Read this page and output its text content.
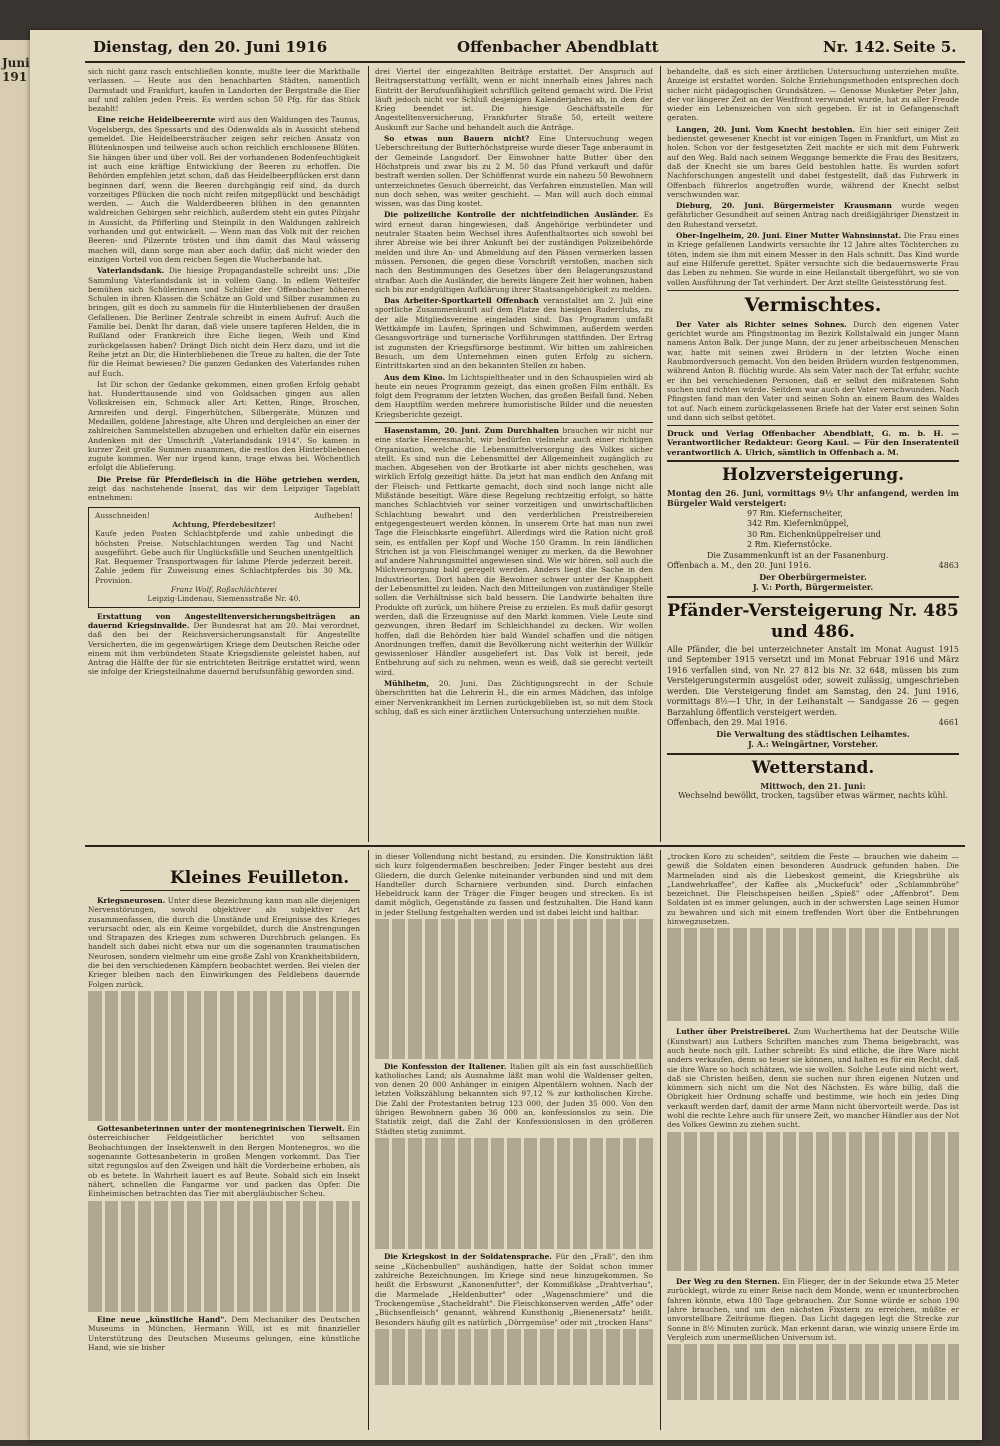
Juni 191
Dienstag, den 20. Juni 1916	Offenbacher Abendblatt	Nr. 142. Seite 5.

sich nicht ganz rasch entschließen konnte, mußte leer die Marktballe verlassen. — Heute aus den benachbarten Städten, namentlich Darmstadt und Frankfurt, kaufen in Landorten der Bergstraße die Eier auf und zahlen jeden Preis. Es werden schon 50 Pfg. für das Stück bezahlt!

Eine reiche Heidelbeerernte wird aus den Waldungen des Taunus, Vogelsbergs, des Spessarts und des Odenwalds als in Aussicht stehend gemeldet. Die Heidelbeersträucher zeigen sehr reichen Ansatz von Blütenknospen und teilweise auch schon reichlich erschlossene Blüten. Sie hängen über und über voll. Bei der vorhandenen Bodenfeuchtigkeit ist auch eine kräftige Entwicklung der Beeren zu erhoffen. Die Behörden empfehlen jetzt schon, daß das Heidelbeerpflücken erst dann beginnen darf, wenn die Beeren durchgängig reif sind, da durch vorzeitiges Pflücken die noch nicht reifen mitgepflückt und beschädigt werden. — Auch die Walderdbeeren blühen in den genannten waldreichen Gebirgen sehr reichlich, außerdem steht ein gutes Pilzjahr in Aussicht, da Pfifferling und Steinpilz in den Waldungen zahlreich vorhanden und gut entwickelt. — Wenn man das Volk mit der reichen Beeren- und Pilzernte trösten und ihm damit das Maul wässerig machen will, dann sorge man aber auch dafür, daß nicht wieder den einzigen Vorteil von dem reichen Segen die Wucherbande hat.

Vaterlandsdank. Die hiesige Propagandastelle schreibt uns: „Die Sammlung Vaterlandsdank ist in vollem Gang. In edlem Wetteifer bemühen sich Schülerinnen und Schüler der Offenbacher höheren Schulen in ihren Klassen die Schätze an Gold und Silber zusammen zu bringen, gilt es doch zu sammeln für die Hinterbliebenen der draußen Gefallenen. Die Berliner Zentrale schreibt in einem Aufruf: Auch die Familie bei. Denkt Ihr daran, daß viele unsere tapferen Helden, die in Rußland oder Frankreich ihre Eiche liegen, Weib und Kind zurückgelassen haben? Drängt Dich nicht dein Herz dazu, und ist die Reihe jetzt an Dir, die Hinterbliebenen die Treue zu halten, die der Tote für die Heimat bewiesen? Die ganzen Gedanken des Vaterlandes ruhen auf Euch.

Ist Dir schon der Gedanke gekommen, einen großen Erfolg gehabt hat. Hunderttausende sind von Goldsachen gingen aus allen Volkskreisen ein, Schmuck aller Art: Ketten, Ringe, Broschen, Armreifen und dergl. Fingerhütchen, Silbergeräte, Münzen und Medaillen, goldene Jahrestage, alte Uhren und dergleichen an einer der zahlreichen Sammelstellen abzugeben und erhielten dafür ein eisernes Andenken mit der Umschrift „Vaterlandsdank 1914". So kamen in kurzer Zeit große Summen zusammen, die restlos den Hinterbliebenen zugute kommen. Wer nur irgend kann, trage etwas bei. Wöchentlich erfolgt die Ablieferung.

Die Preise für Pferdefleisch in die Höhe getrieben werden, zeigt das nachstehende Inserat, das wir dem Leipziger Tageblatt entnehmen:

Ausschneiden!	Aufheben!
Achtung, Pferdebesitzer!
Kaufe jeden Posten Schlachtpferde und zahle unbedingt die höchsten Preise. Notschlachtungen werden Tag und Nacht ausgeführt. Gebe auch für Unglücksfälle und Seuchen unentgeltlich Rat. Bequemer Transportwagen für lahme Pferde jederzeit bereit. Zahle jedem für Zuweisung eines Schlachtpferdes bis 30 Mk. Provision.
Franz Wolf, Roßschlächterei
Leipzig-Lindenau, Siemensstraße Nr. 40.

Erstattung von Angestelltenversicherungsbeiträgen an dauernd Kriegsinvalide. Der Bundesrat hat am 20. Mai verordnet, daß den bei der Reichsversicherungsanstalt für Angestellte Versicherten, die im gegenwärtigen Kriege dem Deutschen Reiche oder einem mit ihm verbündeten Staate Kriegsdienste geleistet haben, auf Antrag die Hälfte der für sie entrichteten Beiträge erstattet wird, wenn sie infolge der Kriegsteilnahme dauernd berufsunfähig geworden sind.

drei Viertel der eingezahlten Beiträge erstattet. Der Anspruch auf Beitragserstattung verfällt, wenn er nicht innerhalb eines Jahres nach Eintritt der Berufsunfähigkeit schriftlich geltend gemacht wird. Die Frist läuft jedoch nicht vor Schluß desjenigen Kalenderjahres ab, in dem der Krieg beendet ist. Die hiesige Geschäftsstelle für Angestelltenversicherung, Frankfurter Straße 50, erteilt weitere Auskunft zur Sache und behandelt auch die Anträge.

So etwas nun Bauern nicht? Eine Untersuchung wegen Ueberschreitung der Butterhöchstpreise wurde dieser Tage anberaumt in der Gemeinde Langsdorf. Der Einwohner hatte Butter über den Höchstpreis und zwar bis zu 2 M. 50 das Pfund verkauft und dafür bestraft werden sollen. Der Schöffenrat wurde ein nahezu 50 Bewohnern unterzeichnetes Gesuch überreicht, das Verfahren einzustellen. Man will nun doch sehen, was weiter geschieht. — Man will auch doch einmal wissen, was das Ding kostet.

Die polizeiliche Kontrolle der nichtfeindlichen Ausländer. Es wird erneut daran hingewiesen, daß Angehörige verbündeter und neutraler Staaten beim Wechsel ihres Aufenthaltsortes sich sowohl bei ihrer Abreise wie bei ihrer Ankunft bei der zuständigen Polizeibehörde melden und ihre An- und Abmeldung auf den Pässen vermerken lassen müssen. Personen, die gegen diese Vorschrift verstoßen, machen sich nach den Bestimmungen des Gesetzes über den Belagerungszustand strafbar. Auch die Ausländer, die bereits längere Zeit hier wohnen, haben sich bis zur endgültigen Aufklärung ihrer Staatsangehörigkeit zu melden.

Das Arbeiter-Sportkartell Offenbach veranstaltet am 2. Juli eine sportliche Zusammenkunft auf dem Platze des hiesigen Ruderclubs, zu der alle Mitgliedsvereine eingeladen sind. Das Programm umfaßt Wettkämpfe im Laufen, Springen und Schwimmen, außerdem werden Gesangsvorträge und turnerische Vorführungen stattfinden. Der Ertrag ist zugunsten der Kriegsfürsorge bestimmt. Wir bitten um zahlreichen Besuch, um dem Unternehmen einen guten Erfolg zu sichern. Eintrittskarten sind an den bekannten Stellen zu haben.

Aus dem Kino. Im Lichtspieltheater und in den Schauspielen wird ab heute ein neues Programm gezeigt, das einen großen Film enthält. Es folgt dem Programm der letzten Wochen, das großen Beifall fand. Neben dem Hauptfilm werden mehrere humoristische Bilder und die neuesten Kriegsberichte gezeigt.

Hasenstamm, 20. Juni. Zum Durchhalten brauchen wir nicht nur eine starke Heeresmacht, wir bedürfen vielmehr auch einer richtigen Organisation, welche die Lebensmittelversorgung des Volkes sicher stellt. Es sind nun die Lebensmittel der Allgemeinheit zugänglich zu machen. Abgesehen von der Brotkarte ist aber nichts geschehen, was wirklich Erfolg gezeitigt hätte. Da jetzt hat man endlich den Anfang mit der Fleisch- und Fettkarte gemacht, doch sind noch lange nicht alle Mißstände beseitigt. Wäre diese Regelung rechtzeitig erfolgt, so hätte manches Schlachtvieh vor seiner vorzeitigen und unwirtschaftlichen Schlachtung bewahrt und den verderblichen Preistreibereien entgegengesteuert werden können. In unserem Orte hat man nun zwei Tage die Fleischkarte eingeführt. Allerdings wird die Ration nicht groß sein, es entfallen per Kopf und Woche 150 Gramm. In rein ländlichen Strichen ist ja von Fleischmangel weniger zu merken, da die Bewohner auf andere Nahrungsmittel angewiesen sind. Wie wir hören, soll auch die Milchversorgung bald geregelt werden. Anders liegt die Sache in den Industrieorten. Dort haben die Bewohner schwer unter der Knappheit der Lebensmittel zu leiden. Nach den Mitteilungen von zuständiger Stelle sollen die Verhältnisse sich bald bessern. Die Landwirte behalten ihre Produkte oft zurück, um höhere Preise zu erzielen. Es muß dafür gesorgt werden, daß die Erzeugnisse auf den Markt kommen. Viele Leute sind gezwungen, ihren Bedarf im Schleichhandel zu decken. Wir wollen hoffen, daß die Behörden hier bald Wandel schaffen und die nötigen Anordnungen treffen, damit die Bevölkerung nicht weiterhin der Willkür gewissenloser Händler ausgeliefert ist. Das Volk ist bereit, jede Entbehrung auf sich zu nehmen, wenn es weiß, daß sie gerecht verteilt wird.

Mühlheim, 20. Juni. Das Züchtigungsrecht in der Schule überschritten hat die Lehrerin H., die ein armes Mädchen, das infolge einer Nervenkrankheit im Lernen zurückgeblieben ist, so mit dem Stock schlug, daß es sich einer ärztlichen Untersuchung unterziehen mußte.

behandelte, daß es sich einer ärztlichen Untersuchung unterziehen mußte. Anzeige ist erstattet worden. Solche Erziehungsmethoden entsprechen doch sicher nicht pädagogischen Grundsätzen. — Genosse Musketier Peter Jahn, der vor längerer Zeit an der Westfront verwundet wurde, hat zu aller Freude wieder ein Lebenszeichen von sich gegeben. Er ist in Gefangenschaft geraten.

Langen, 20. Juni. Vom Knecht bestohlen. Ein hier seit einiger Zeit bedienstet gewesener Knecht ist vor einigen Tagen in Frankfurt, um Mist zu holen. Schon vor der festgesetzten Zeit machte er sich mit dem Fuhrwerk auf den Weg. Bald nach seinem Weggange bemerkte die Frau des Besitzers, daß der Knecht sie um bares Geld bestohlen hatte. Es wurden sofort Nachforschungen angestellt und dabei festgestellt, daß das Fuhrwerk in Offenbach führerlos angetroffen wurde, während der Knecht selbst verschwunden war.

Dieburg, 20. Juni. Bürgermeister Krausmann wurde wegen gefährlicher Gesundheit auf seinen Antrag nach dreißigjähriger Dienstzeit in den Ruhestand versetzt.

Ober-Ingelheim, 20. Juni. Einer Mutter Wahnsinnstat. Die Frau eines in Kriege gefallenen Landwirts versuchte ihr 12 Jahre altes Töchterchen zu töten, indem sie ihm mit einem Messer in den Hals schnitt. Das Kind wurde auf eine Hilferufe gerettet. Später versuchte sich die bedauernswerte Frau das Leben zu nehmen. Sie wurde in eine Heilanstalt übergeführt, wo sie von vollen Ausführung der Tat verhindert. Der Arzt stellte Geistesstörung fest.

Vermischtes.

Der Vater als Richter seines Sohnes. Durch den eigenen Vater gerichtet wurde am Pfingstmontag im Bezirk Kollstalwald ein junger Mann namens Anton Balk. Der junge Mann, der zu jener arbeitsscheuen Menschen war, hatte mit seinen zwei Brüdern in der letzten Woche einen Raubmordversuch gemacht. Von den beiden Brüdern wurden festgenommen, während Anton B. flüchtig wurde. Als sein Vater nach der Tat erfuhr, suchte er ihn bei verschiedenen Personen, daß er selbst den mißratenen Sohn suchen und richten würde. Seitdem war auch der Vater verschwunden. Nach Pfingsten fand man den Vater und seinen Sohn an einem Baum des Waldes tot auf. Nach einem zurückgelassenen Briefe hat der Vater erst seinen Sohn und dann sich selbst getötet.

Druck und Verlag Offenbacher Abendblatt, G. m. b. H. — Verantwortlicher Redakteur: Georg Kaul. — Für den Inseratenteil verantwortlich A. Ulrich, sämtlich in Offenbach a. M.

Holzversteigerung.
Montag den 26. Juni, vormittags 9½ Uhr anfangend, werden im Bürgeler Wald versteigert:
97 Rm. Kiefernscheiter,
342 Rm. Kiefernknüppel,
30 Rm. Eichenknüppelreiser und
2 Rm. Kiefernstöcke.
Die Zusammenkunft ist an der Fasanenburg.
Offenbach a. M., den 20. Juni 1916.	4863
Der Oberbürgermeister.
J. V.: Porth, Bürgermeister.
Pfänder-Versteigerung Nr. 485 und 486.
Alle Pfänder, die bei unterzeichneter Anstalt im Monat August 1915 und September 1915 versetzt und im Monat Februar 1916 und März 1916 verfallen sind, von Nr. 27 812 bis Nr. 32 648, müssen bis zum Versteigerungstermin ausgelöst oder, soweit zulässig, umgeschrieben werden. Die Versteigerung findet am Samstag, den 24. Juni 1916, vormittags 8½—1 Uhr, in der Leihanstalt — Sandgasse 26 — gegen Barzahlung öffentlich versteigert werden.
Offenbach, den 29. Mai 1916.	4661
Die Verwaltung des städtischen Leihamtes.
J. A.: Weingärtner, Vorsteher.
Wetterstand.
Mittwoch, den 21. Juni:
Wechselnd bewölkt, trocken, tagsüber etwas wärmer, nachts kühl.
Kleines Feuilleton.

Kriegsneurosen. Unter diese Bezeichnung kann man alle diejenigen Nervenstörungen, sowohl objektiver als subjektiver Art zusammenfassen, die durch die Umstände und Ereignisse des Krieges verursacht oder, als ein Keime vorgebildet, durch die Anstrengungen und Strapazen des Krieges zum schweren Durchbruch gelangen. Es handelt sich dabei nicht etwa nur um die sogenannten traumatischen Neurosen, sondern vielmehr um eine große Zahl von Krankheitsbildern, die bei den verschiedenen Kämpfern beobachtet werden. Bei vielen der Krieger bleiben nach den Einwirkungen des Feldlebens dauernde Folgen zurück.

Gottesanbeterinnen unter der montenegrinischen Tierwelt. Ein österreichischer Feldgeistlicher berichtet von seltsamen Beobachtungen der Insektenwelt in den Bergen Montenegros, wo die sogenannte Gottesanbeterin in großen Mengen vorkommt. Das Tier sitzt regungslos auf den Zweigen und hält die Vorderbeine erhoben, als ob es betete. In Wahrheit lauert es auf Beute. Sobald sich ein Insekt nähert, schnellen die Fangarme vor und packen das Opfer. Die Einheimischen betrachten das Tier mit abergläubischer Scheu.

Eine neue „künstliche Hand". Dem Mechaniker des Deutschen Museums in München, Hermann Will, ist es mit finanzieller Unterstützung des Deutschen Museums gelungen, eine künstliche Hand, wie sie bisher

in dieser Vollendung nicht bestand, zu ersinden. Die Konstruktion läßt sich kurz folgendermaßen beschreiben: Jeder Finger besteht aus drei Gliedern, die durch Gelenke miteinander verbunden sind und mit dem Handteller durch Scharniere verbunden sind. Durch einfachen Hebeldruck kann der Träger die Finger beugen und strecken. Es ist damit möglich, Gegenstände zu fassen und festzuhalten. Die Hand kann in jeder Stellung festgehalten werden und ist dabei leicht und haltbar.

Die Konfession der Italiener. Italien gilt als ein fast ausschließlich katholisches Land; als Ausnahme läßt man wohl die Waldenser gelten, von denen 20 000 Anhänger in einigen Alpentälern wohnen. Nach der letzten Volkszählung bekannten sich 97,12 % zur katholischen Kirche. Die Zahl der Protestanten betrug 123 000, der Juden 35 000. Von den übrigen Bewohnern gaben 36 000 an, konfessionslos zu sein. Die Statistik zeigt, daß die Zahl der Konfessionslosen in den größeren Städten stetig zunimmt.

Die Kriegskost in der Soldatensprache. Für den „Fraß", den ihm seine „Küchenbullen" aushändigen, hatte der Soldat schon immer zahlreiche Bezeichnungen. Im Kriege sind neue hinzugekommen. So heißt die Erbswurst „Kanonenfutter", der Kommißkäse „Drahtverhau", die Marmelade „Heldenbutter" oder „Wagenschmiere" und die Trockengemüse „Stacheldraht". Die Fleischkonserven werden „Affe" oder „Büchsenfleisch" genannt, während Kunsthonig „Bienenersatz" heißt. Besonders häufig gilt es natürlich „Dörrgemüse" oder mit „trocken Hans"

„trocken Koro zu scheiden", seitdem die Feste — brauchen wie daheim — gewiß die Soldaten einen besonderen Ausdruck gefunden haben. Die Marmeladen sind als die Liebeskost gemeint, die Kriegsbrühe als „Landwehrkaffee", der Kaffee als „Muckefuck" oder „Schlammbrühe" bezeichnet. Die Fleischspeisen heißen „Spieß" oder „Affenbrot". Dem Soldaten ist es immer gelungen, auch in der schwersten Lage seinen Humor zu bewahren und sich mit einem treffenden Wort über die Entbehrungen hinwegzusetzen.

Luther über Preistreiberei. Zum Wucherthema hat der Deutsche Wille (Kunstwart) aus Luthers Schriften manches zum Thema beigebracht, was auch heute noch gilt. Luther schreibt: Es sind etliche, die ihre Ware nicht anders verkaufen, denn so teuer sie können, und halten es für ein Recht, daß sie ihre Ware so hoch schätzen, wie sie wollen. Solche Leute sind nicht wert, daß sie Christen heißen, denn sie suchen nur ihren eigenen Nutzen und kümmern sich nicht um die Not des Nächsten. Es wäre billig, daß die Obrigkeit hier Ordnung schaffe und bestimme, wie hoch ein jedes Ding verkauft werden darf, damit der arme Mann nicht übervorteilt werde. Das ist wohl die rechte Lehre auch für unsere Zeit, wo mancher Händler aus der Not des Volkes Gewinn zu ziehen sucht.

Der Weg zu den Sternen. Ein Flieger, der in der Sekunde etwa 25 Meter zurücklegt, würde zu einer Reise nach dem Monde, wenn er ununterbrochen fahren könnte, etwa 180 Tage gebrauchen. Zur Sonne würde er schon 190 Jahre brauchen, und um den nächsten Fixstern zu erreichen, müßte er unvorstellbare Zeiträume fliegen. Das Licht dagegen legt die Strecke zur Sonne in 8½ Minuten zurück. Man erkennt daran, wie winzig unsere Erde im Vergleich zum unermeßlichen Universum ist.
